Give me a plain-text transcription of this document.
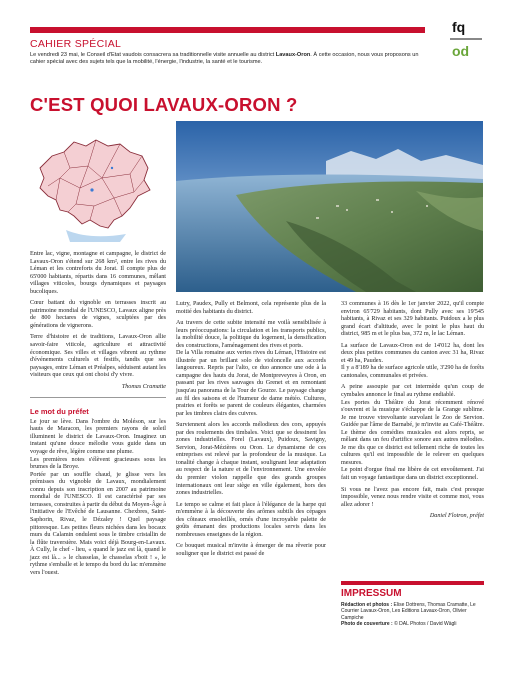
fq
od
CAHIER SPÉCIAL
Le vendredi 23 mai, le Conseil d'Etat vaudois consacrera sa traditionnelle visite annuelle au district Lavaux-Oron. À cette occasion, nous vous proposons un cahier spécial avec des sujets tels que la mobilité, l'énergie, l'industrie, la santé et le tourisme.
C'EST QUOI LAVAUX-ORON ?

Entre lac, vigne, montagne et campagne, le district de Lavaux-Oron s'étend sur 268 km², entre les rives du Léman et les contreforts du Jorat. Il compte plus de 65'000 habitants, répartis dans 16 communes, mêlant villages viticoles, bourgs dynamiques et paysages bucoliques.

Cœur battant du vignoble en terrasses inscrit au patrimoine mondial de l'UNESCO, Lavaux aligne près de 800 hectares de vignes, sculptées par des générations de vignerons.

Terre d'histoire et de traditions, Lavaux-Oron allie savoir-faire viticole, agriculture et attractivité économique. Ses villes et villages vibrent au rythme d'événements culturels et festifs, tandis que ses paysages, entre Léman et Préalpes, séduisent autant les visiteurs que ceux qui ont choisi d'y vivre.

Thomas Cramatte
Le mot du préfet

Le jour se lève. Dans l'ombre du Moléson, sur les hauts de Maracon, les premiers rayons de soleil illuminent le district de Lavaux-Oron. Imaginez un instant qu'une douce mélodie vous guide dans un voyage de rêve, légère comme une plume.

Les premières notes s'élèvent gracieuses sous les brumes de la Broye.

Portée par un souffle chaud, je glisse vers les prémisses du vignoble de Lavaux, mondialement connu depuis son inscription en 2007 au patrimoine mondial de l'UNESCO. Il est caractérisé par ses terrasses, construites à partir du début du Moyen-Âge à l'initiative de l'Evêché de Lausanne. Chexbres, Saint-Saphorin, Rivaz, le Dézaley ! Quel paysage pittoresque. Les petites fleurs nichées dans les bocaux murs du Calamin ondulent sous le timbre cristallin de la flûte traversière. Mais voici déjà Bourg-en-Lavaux. À Cully, le chef - lieu, « quand le jazz est là, quand le jazz est là... » le chasselas, le chasselas s'boit ! », le rythme s'emballe et le tempo du bord du lac m'emmène vers l'ouest.

Lutry, Paudex, Pully et Belmont, cela représente plus de la moitié des habitants du district.

Au travers de cette subite intensité me voilà sensibilisée à leurs préoccupations: la circulation et les transports publics, la mobilité douce, la politique du logement, la densification des constructions, l'aménagement des rives et ports.

De la Villa romaine aux vertes rives du Léman, l'Histoire est illustrée par un brillant solo de violoncelle aux accords langoureux. Repris par l'alto, ce duo annonce une ode à la campagne des hauts du Jorat, de Montpreveyres à Oron, en passant par les rives sauvages du Grenet et en remontant jusqu'au panorama de la Tour de Gourze. Le paysage change au fil des saisons et de l'humeur de dame météo. Cultures, prairies et forêts se parent de couleurs élégantes, charmées par les timbres clairs des cuivres.

Surviennent alors les accords mélodieux des cors, appuyés par des roulements des timbales. Voici que se dessinent les zones industrielles. Forel (Lavaux), Puidoux, Savigny, Servion, Jorat-Mézières ou Oron. Le dynamisme de ces entreprises est relevé par la profondeur de la musique. La tonalité change à chaque instant, soulignant leur adaptation au respect de la nature et de l'environnement. Une envolée du premier violon rappelle que des grands groupes internationaux ont leur siège en ville également, hors des zones industrielles.

Le tempo se calme et fait place à l'élégance de la harpe qui m'emmène à la découverte des arômes subtils des cépages des côteaux ensoleillés, ornés d'une incroyable palette de goûts émanant des productions locales servis dans les nombreuses enseignes de la région.

Ce bouquet musical m'invite à émerger de ma rêverie pour souligner que le district est passé de

33 communes à 16 dès le 1er janvier 2022, qu'il compte environ 65'729 habitants, dont Pully avec ses 19'545 habitants, à Rivaz et ses 329 habitants. Puidoux a le plus grand écart d'altitude, avec le point le plus haut du district, 985 m et le plus bas, 372 m, le lac Léman.

La surface de Lavaux-Oron est de 14'012 ha, dont les deux plus petites communes du canton avec 31 ha, Rivaz et 49 ha, Paudex.

Il y a 8'189 ha de surface agricole utile, 3'290 ha de forêts cantonales, communales et privées.

A peine assoupie par cet intermède qu'un coup de cymbales annonce le final au rythme endiablé.

Les portes du Théâtre du Jorat récemment rénové s'ouvrent et la musique s'échappe de la Grange sublime. Je me trouve virevoltante survolant le Zoo de Servion. Guidée par l'âme de Barnabé, je m'invite au Café-Théâtre. Le thème des comédies musicales est alors repris, se mêlant dans un feu d'artifice sonore aux autres mélodies. Je me dis que ce district est tellement riche de toutes les cultures qu'il est impossible de le relever en quelques mesures.

Le point d'orgue final me libère de cet envoûtement. J'ai fait un voyage fantastique dans un district exceptionnel.

Si vous ne l'avez pas encore fait, mais c'est presque impossible, venez nous rendre visite et comme moi, vous allez adorer !

Daniel Flotron, préfet
IMPRESSUM
Rédaction et photos : Elise Dottrens, Thomas Cramatte, Le Courrier Lavaux-Oron, Les Editions Lavaux-Oron, Olivier Campiche
Photo de couverture : © DAL Photos / David Wägli
